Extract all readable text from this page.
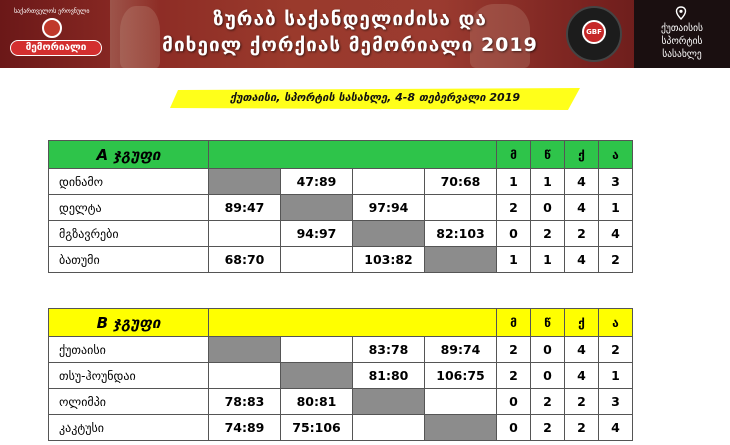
საქართველოს ეროვნული
მემორიალი
ზურაბ საქანდელიძისა და
მიხეილ ქორქიას მემორიალი 2019
GBF	ქუთაისის
სპორტის
სასახლე
ქუთაისი, სპორტის სასახლე, 4-8 თებერვალი 2019
A ჯგუფი					მ	წ	ქ	ა
დინამო		47:89		70:68	1	1	4	3
დელტა	89:47		97:94		2	0	4	1
მგზავრები		94:97		82:103	0	2	2	4
ბათუმი	68:70		103:82		1	1	4	2
B ჯგუფი					მ	წ	ქ	ა
ქუთაისი			83:78	89:74	2	0	4	2
თსუ-ჰოუნდაი			81:80	106:75	2	0	4	1
ოლიმპი	78:83	80:81			0	2	2	3
კაკტუსი	74:89	75:106			0	2	2	4
